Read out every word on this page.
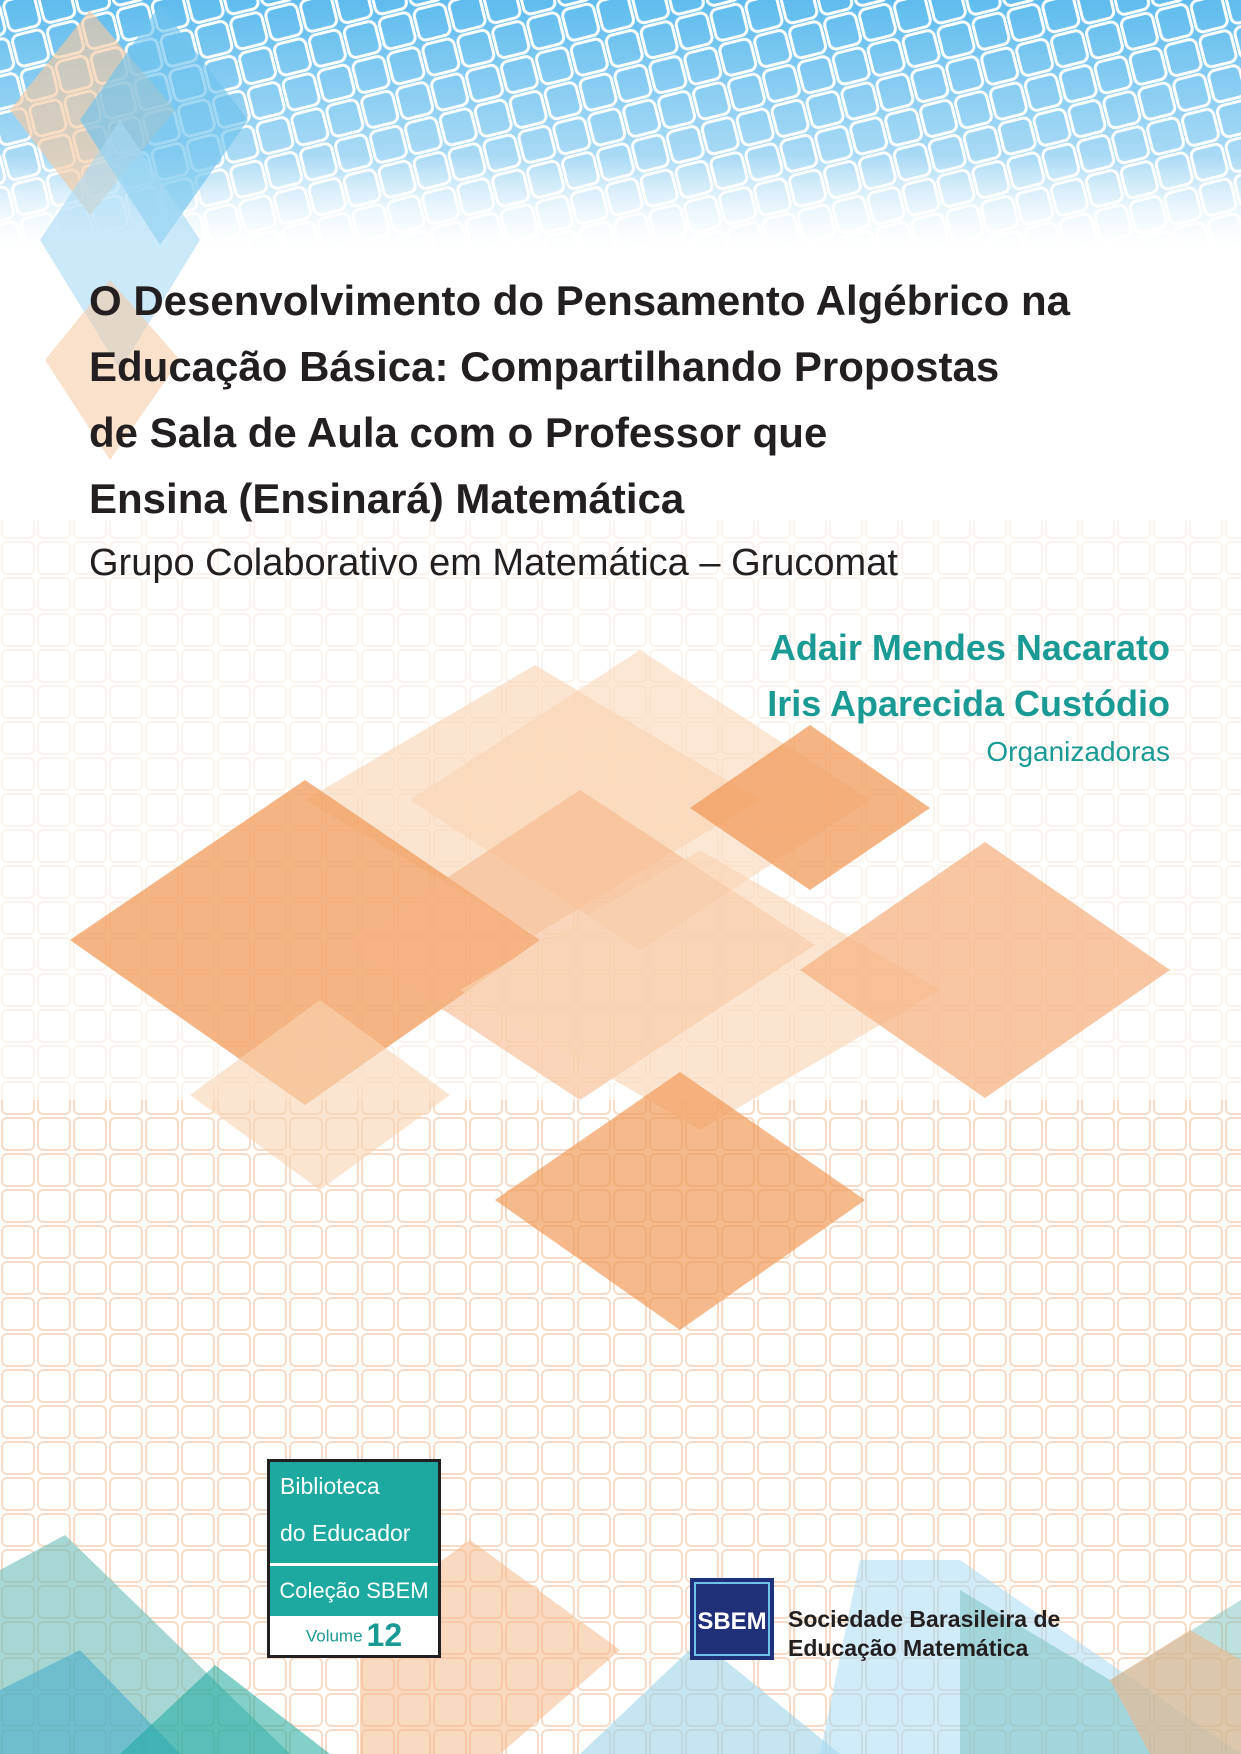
O Desenvolvimento do Pensamento Algébrico na
Educação Básica: Compartilhando Propostas
de Sala de Aula com o Professor que
Ensina (Ensinará) Matemática
Grupo Colaborativo em Matemática – Grucomat
Adair Mendes Nacarato
Iris Aparecida Custódio
Organizadoras
Biblioteca
do Educador
Coleção SBEM
Volume 12	SBEM Sociedade Barasileira de
Educação Matemática
